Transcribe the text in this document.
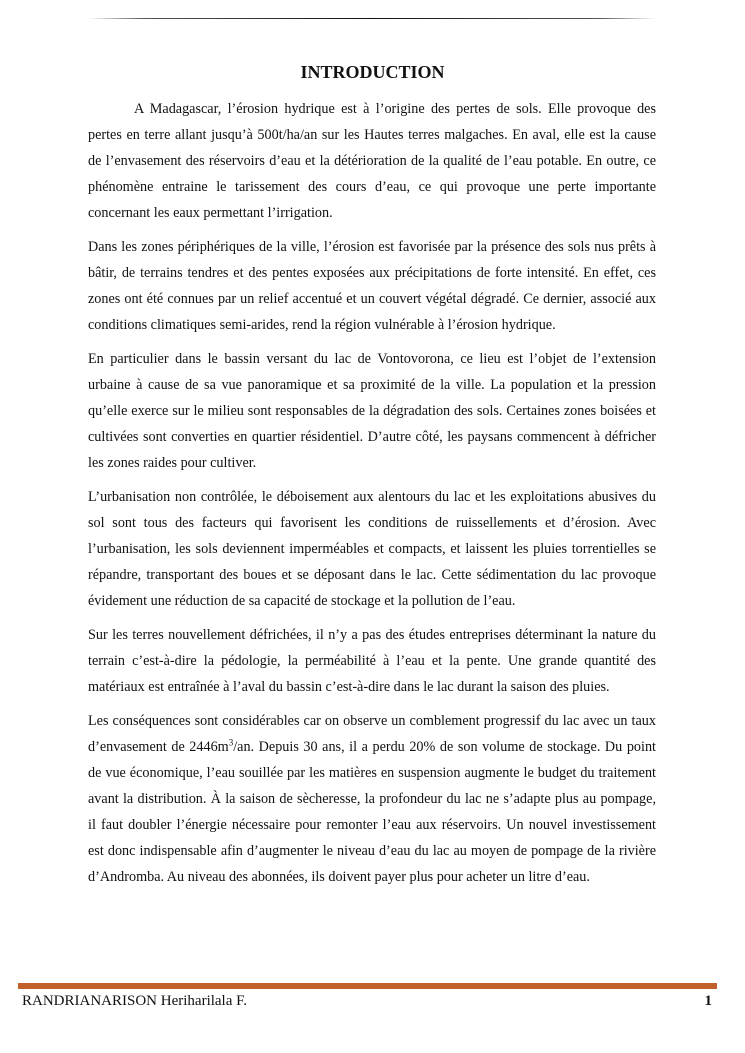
INTRODUCTION

A Madagascar, l’érosion hydrique est à l’origine des pertes de sols. Elle provoque des pertes en terre allant jusqu’à 500t/ha/an sur les Hautes terres malgaches. En aval, elle est la cause de l’envasement des réservoirs d’eau et la détérioration de la qualité de l’eau potable. En outre, ce phénomène entraine le tarissement des cours d’eau, ce qui provoque une perte importante concernant les eaux permettant l’irrigation.

Dans les zones périphériques de la ville, l’érosion est favorisée par la présence des sols nus prêts à bâtir, de terrains tendres et des pentes exposées aux précipitations de forte intensité. En effet, ces zones ont été connues par un relief accentué et un couvert végétal dégradé. Ce dernier, associé aux conditions climatiques semi-arides, rend la région vulnérable à l’érosion hydrique.

En particulier dans le bassin versant du lac de Vontovorona, ce lieu est l’objet de l’extension urbaine à cause de sa vue panoramique et sa proximité de la ville. La population et la pression qu’elle exerce sur le milieu sont responsables de la dégradation des sols. Certaines zones boisées et cultivées sont converties en quartier résidentiel. D’autre côté, les paysans commencent à défricher les zones raides pour cultiver.

L’urbanisation non contrôlée, le déboisement aux alentours du lac et les exploitations abusives du sol sont tous des facteurs qui favorisent les conditions de ruissellements et d’érosion. Avec l’urbanisation, les sols deviennent imperméables et compacts, et laissent les pluies torrentielles se répandre, transportant des boues et se déposant dans le lac. Cette sédimentation du lac provoque évidement une réduction de sa capacité de stockage et la pollution de l’eau.

Sur les terres nouvellement défrichées, il n’y a pas des études entreprises déterminant la nature du terrain c’est-à-dire la pédologie, la perméabilité à l’eau et la pente. Une grande quantité des matériaux est entraînée à l’aval du bassin c’est-à-dire dans le lac durant la saison des pluies.

Les conséquences sont considérables car on observe un comblement progressif du lac avec un taux d’envasement de $2446m^3/an$. Depuis 30 ans, il a perdu 20% de son volume de stockage. Du point de vue économique, l’eau souillée par les matières en suspension augmente le budget du traitement avant la distribution. À la saison de sècheresse, la profondeur du lac ne s’adapte plus au pompage, il faut doubler l’énergie nécessaire pour remonter l’eau aux réservoirs. Un nouvel investissement est donc indispensable afin d’augmenter le niveau d’eau du lac au moyen de pompage de la rivière d’Andromba. Au niveau des abonnées, ils doivent payer plus pour acheter un litre d’eau.

RANDRIANARISON Heriharilala F.	1
